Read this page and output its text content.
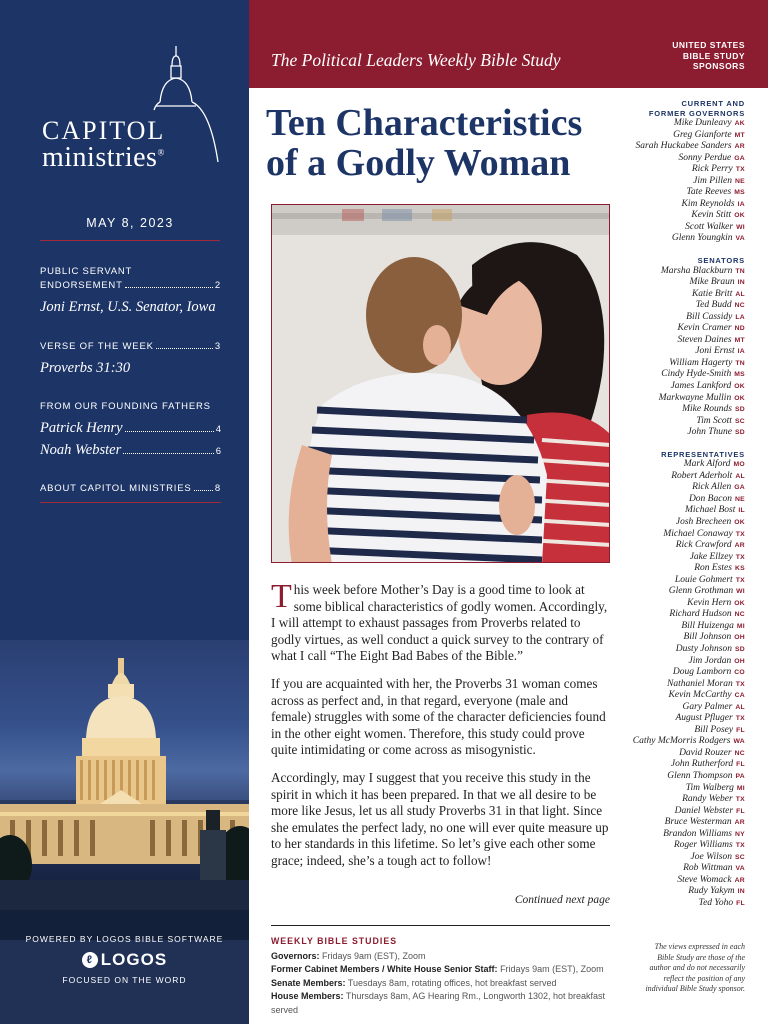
CAPITOL
ministries®
MAY 8, 2023
PUBLIC SERVANT
ENDORSEMENT	2
Joni Ernst, U.S. Senator, Iowa
VERSE OF THE WEEK	3
Proverbs 31:30
FROM OUR FOUNDING FATHERS
Patrick Henry	4
Noah Webster	6
ABOUT CAPITOL MINISTRIES 8
POWERED BY LOGOS BIBLE SOFTWARE
ℓ LOGOS
FOCUSED ON THE WORD
The Political Leaders Weekly Bible Study
UNITED STATES
BIBLE STUDY
SPONSORS
Ten Characteristics
of a Godly Woman

This week before Mother’s Day is a good time to look at some biblical characteristics of godly women. Accordingly, I will attempt to exhaust passages from Proverbs related to godly virtues, as well conduct a quick survey to the contrary of what I call “The Eight Bad Babes of the Bible.”

If you are acquainted with her, the Proverbs 31 woman comes across as perfect and, in that regard, everyone (male and female) struggles with some of the character deficiencies found in the other eight women. Therefore, this study could prove quite intimidating or come across as misogynistic.

Accordingly, may I suggest that you receive this study in the spirit in which it has been prepared. In that we all desire to be more like Jesus, let us all study Proverbs 31 in that light. Since she emulates the perfect lady, no one will ever quite measure up to her standards in this lifetime. So let’s give each other some grace; indeed, she’s a tough act to follow!

Continued next page
WEEKLY BIBLE STUDIES
Governors: Fridays 9am (EST), Zoom
Former Cabinet Members / White House Senior Staff: Fridays 9am (EST), Zoom
Senate Members: Tuesdays 8am, rotating offices, hot breakfast served
House Members: Thursdays 8am, AG Hearing Rm., Longworth 1302, hot breakfast served
CURRENT AND
FORMER GOVERNORS
Mike Dunleavy AK
Greg Gianforte MT
Sarah Huckabee Sanders AR
Sonny Perdue GA
Rick Perry TX
Jim Pillen NE
Tate Reeves MS
Kim Reynolds IA
Kevin Stitt OK
Scott Walker WI
Glenn Youngkin VA
SENATORS
Marsha Blackburn TN
Mike Braun IN
Katie Britt AL
Ted Budd NC
Bill Cassidy LA
Kevin Cramer ND
Steven Daines MT
Joni Ernst IA
William Hagerty TN
Cindy Hyde-Smith MS
James Lankford OK
Markwayne Mullin OK
Mike Rounds SD
Tim Scott SC
John Thune SD
REPRESENTATIVES
Mark Alford MO
Robert Aderholt AL
Rick Allen GA
Don Bacon NE
Michael Bost IL
Josh Brecheen OK
Michael Conaway TX
Rick Crawford AR
Jake Ellzey TX
Ron Estes KS
Louie Gohmert TX
Glenn Grothman WI
Kevin Hern OK
Richard Hudson NC
Bill Huizenga MI
Bill Johnson OH
Dusty Johnson SD
Jim Jordan OH
Doug Lamborn CO
Nathaniel Moran TX
Kevin McCarthy CA
Gary Palmer AL
August Pfluger TX
Bill Posey FL
Cathy McMorris Rodgers WA
David Rouzer NC
John Rutherford FL
Glenn Thompson PA
Tim Walberg MI
Randy Weber TX
Daniel Webster FL
Bruce Westerman AR
Brandon Williams NY
Roger Williams TX
Joe Wilson SC
Rob Wittman VA
Steve Womack AR
Rudy Yakym IN
Ted Yoho FL
The views expressed in each Bible Study are those of the author and do not necessarily reflect the position of any individual Bible Study sponsor.
